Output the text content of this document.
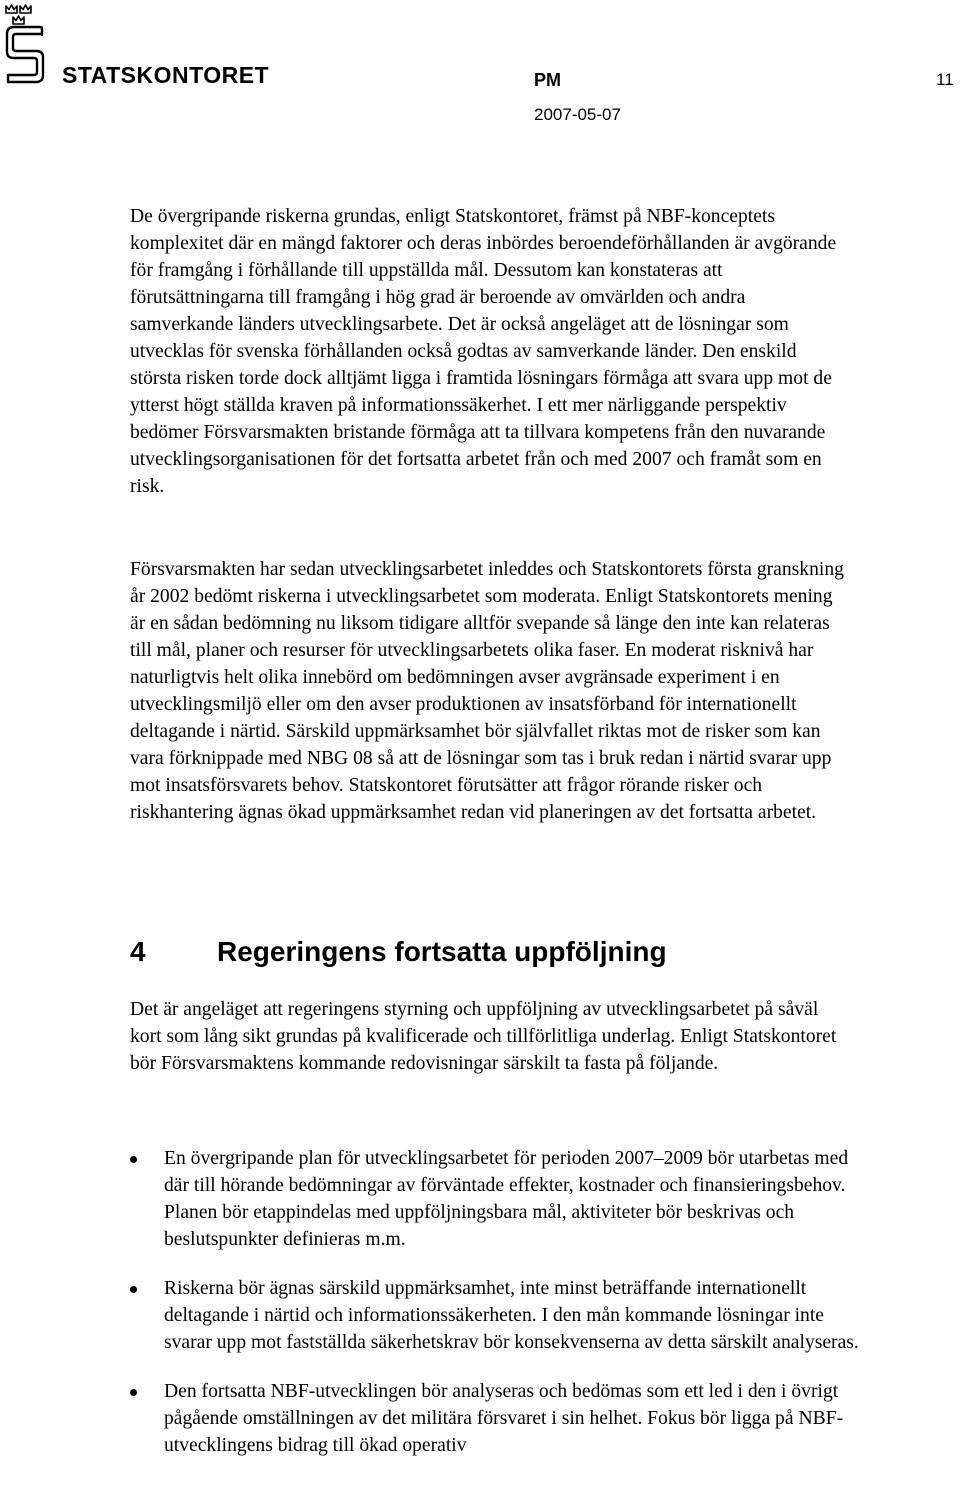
STATSKONTORET	PM	11
2007-05-07

De övergripande riskerna grundas, enligt Statskontoret, främst på NBF-konceptets komplexitet där en mängd faktorer och deras inbördes beroendeförhållanden är avgörande för framgång i förhållande till uppställda mål. Dessutom kan konstateras att förutsättningarna till framgång i hög grad är beroende av omvärlden och andra samverkande länders utvecklingsarbete. Det är också angeläget att de lösningar som utvecklas för svenska förhållanden också godtas av samverkande länder. Den enskild största risken torde dock alltjämt ligga i framtida lösningars förmåga att svara upp mot de ytterst högt ställda kraven på informationssäkerhet. I ett mer närliggande perspektiv bedömer Försvarsmakten bristande förmåga att ta tillvara kompetens från den nuvarande utvecklingsorganisationen för det fortsatta arbetet från och med 2007 och framåt som en risk.

Försvarsmakten har sedan utvecklingsarbetet inleddes och Statskontorets första granskning år 2002 bedömt riskerna i utvecklingsarbetet som moderata. Enligt Statskontorets mening är en sådan bedömning nu liksom tidigare alltför svepande så länge den inte kan relateras till mål, planer och resurser för utvecklingsarbetets olika faser. En moderat risknivå har naturligtvis helt olika innebörd om bedömningen avser avgränsade experiment i en utvecklingsmiljö eller om den avser produktionen av insatsförband för internationellt deltagande i närtid. Särskild uppmärksamhet bör självfallet riktas mot de risker som kan vara förknippade med NBG 08 så att de lösningar som tas i bruk redan i närtid svarar upp mot insatsförsvarets behov. Statskontoret förutsätter att frågor rörande risker och riskhantering ägnas ökad uppmärksamhet redan vid planeringen av det fortsatta arbetet.

4	Regeringens fortsatta uppföljning

Det är angeläget att regeringens styrning och uppföljning av utvecklingsarbetet på såväl kort som lång sikt grundas på kvalificerade och tillförlitliga underlag. Enligt Statskontoret bör Försvarsmaktens kommande redovisningar särskilt ta fasta på följande.

En övergripande plan för utvecklingsarbetet för perioden 2007–2009 bör utarbetas med där till hörande bedömningar av förväntade effekter, kostnader och finansieringsbehov. Planen bör etappindelas med uppföljningsbara mål, aktiviteter bör beskrivas och beslutspunkter definieras m.m.
Riskerna bör ägnas särskild uppmärksamhet, inte minst beträffande internationellt deltagande i närtid och informationssäkerheten. I den mån kommande lösningar inte svarar upp mot fastställda säkerhetskrav bör konsekvenserna av detta särskilt analyseras.
Den fortsatta NBF-utvecklingen bör analyseras och bedömas som ett led i den i övrigt pågående omställningen av det militära försvaret i sin helhet. Fokus bör ligga på NBF-utvecklingens bidrag till ökad operativ
